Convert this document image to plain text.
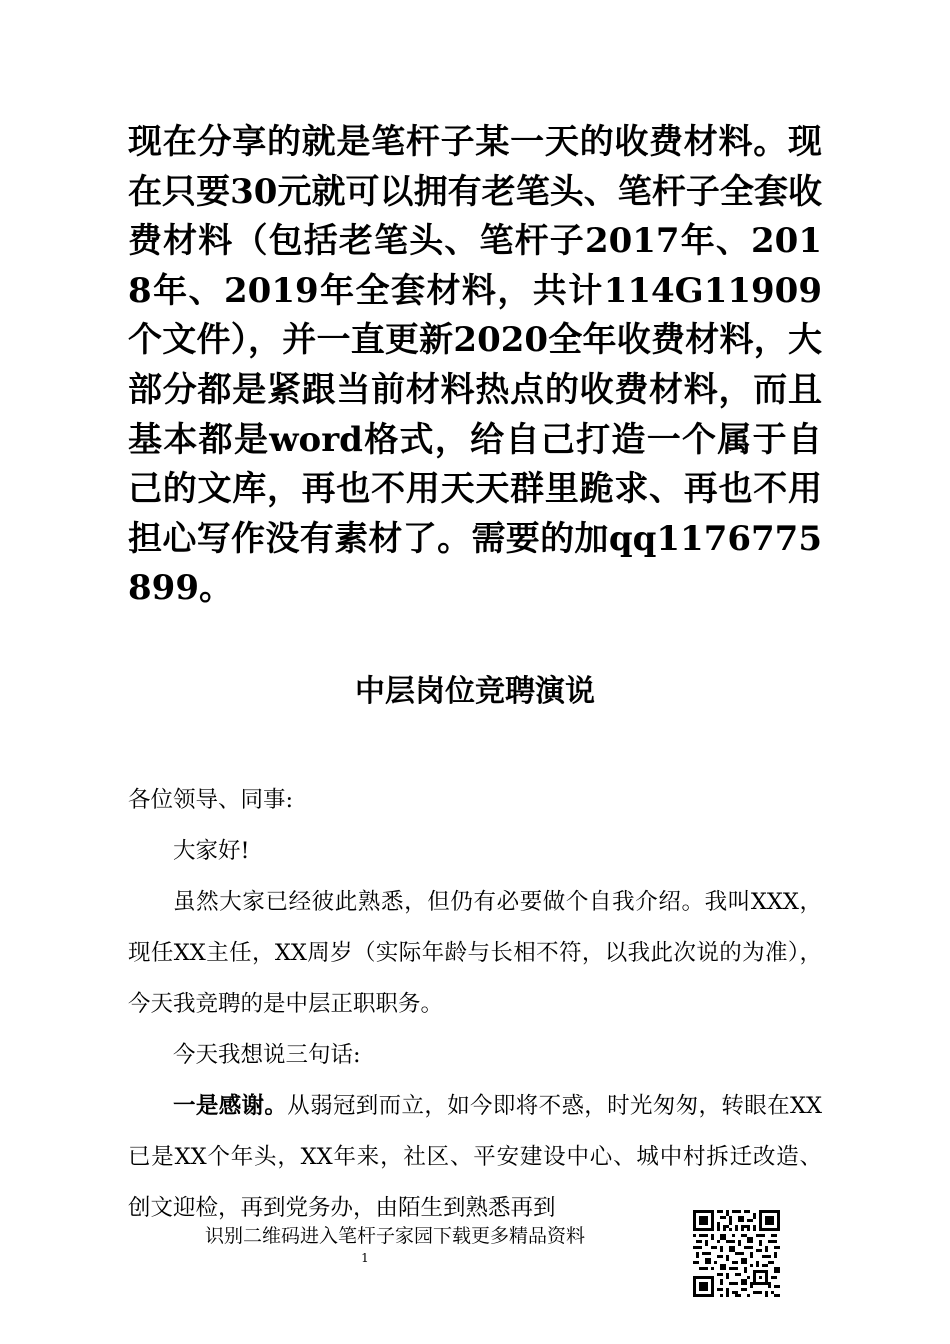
现在分享的就是笔杆子某一天的收费材料。现在只要30元就可以拥有老笔头、笔杆子全套收费材料（包括老笔头、笔杆子2017年、2018年、2019年全套材料，共计114G11909个文件），并一直更新2020全年收费材料，大部分都是紧跟当前材料热点的收费材料，而且基本都是word格式，给自己打造一个属于自己的文库，再也不用天天群里跪求、再也不用担心写作没有素材了。需要的加qq1176775899。
中层岗位竞聘演说

各位领导、同事:

大家好!

虽然大家已经彼此熟悉，但仍有必要做个自我介绍。我叫XXX，现任XX主任，XX周岁（实际年龄与长相不符，以我此次说的为准），今天我竞聘的是中层正职职务。

今天我想说三句话:

一是感谢。从弱冠到而立，如今即将不惑，时光匆匆，转眼在XX已是XX个年头，XX年来，社区、平安建设中心、城中村拆迁改造、创文迎检，再到党务办，由陌生到熟悉再到

识别二维码进入笔杆子家园下载更多精品资料
1
